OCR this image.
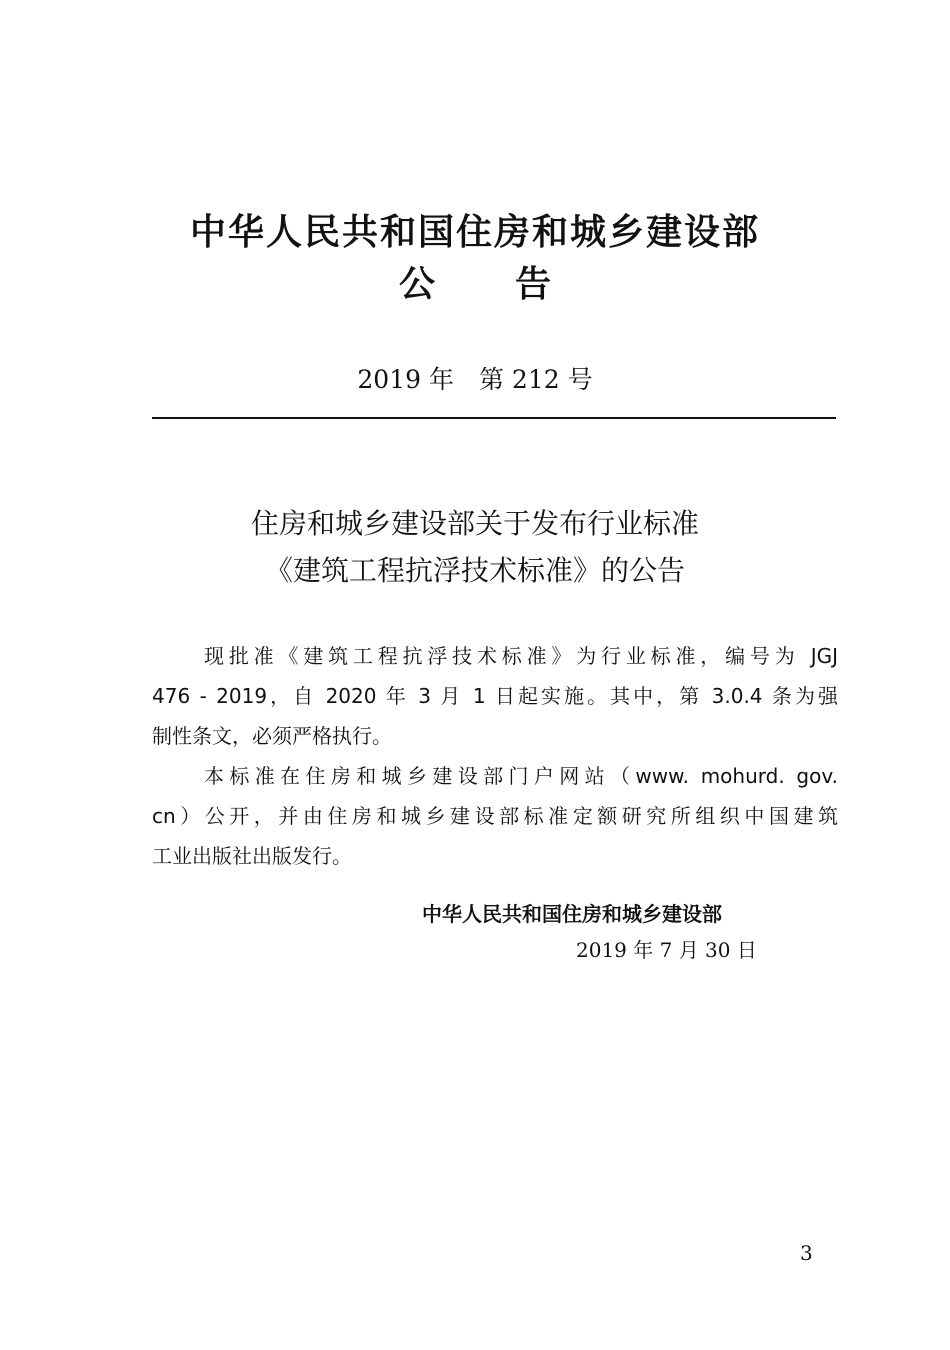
中华人民共和国住房和城乡建设部
公告
2019 年　第 212 号
住房和城乡建设部关于发布行业标准
《建筑工程抗浮技术标准》的公告
现批准《建筑工程抗浮技术标准》为行业标准，编号为 JGJ
476 - 2019，自 2020 年 3 月 1 日起实施。其中，第 3.0.4 条为强
制性条文，必须严格执行。
本标准在住房和城乡建设部门户网站（www. mohurd. gov.
cn）公开，并由住房和城乡建设部标准定额研究所组织中国建筑
工业出版社出版发行。
中华人民共和国住房和城乡建设部
2019 年 7 月 30 日
3
